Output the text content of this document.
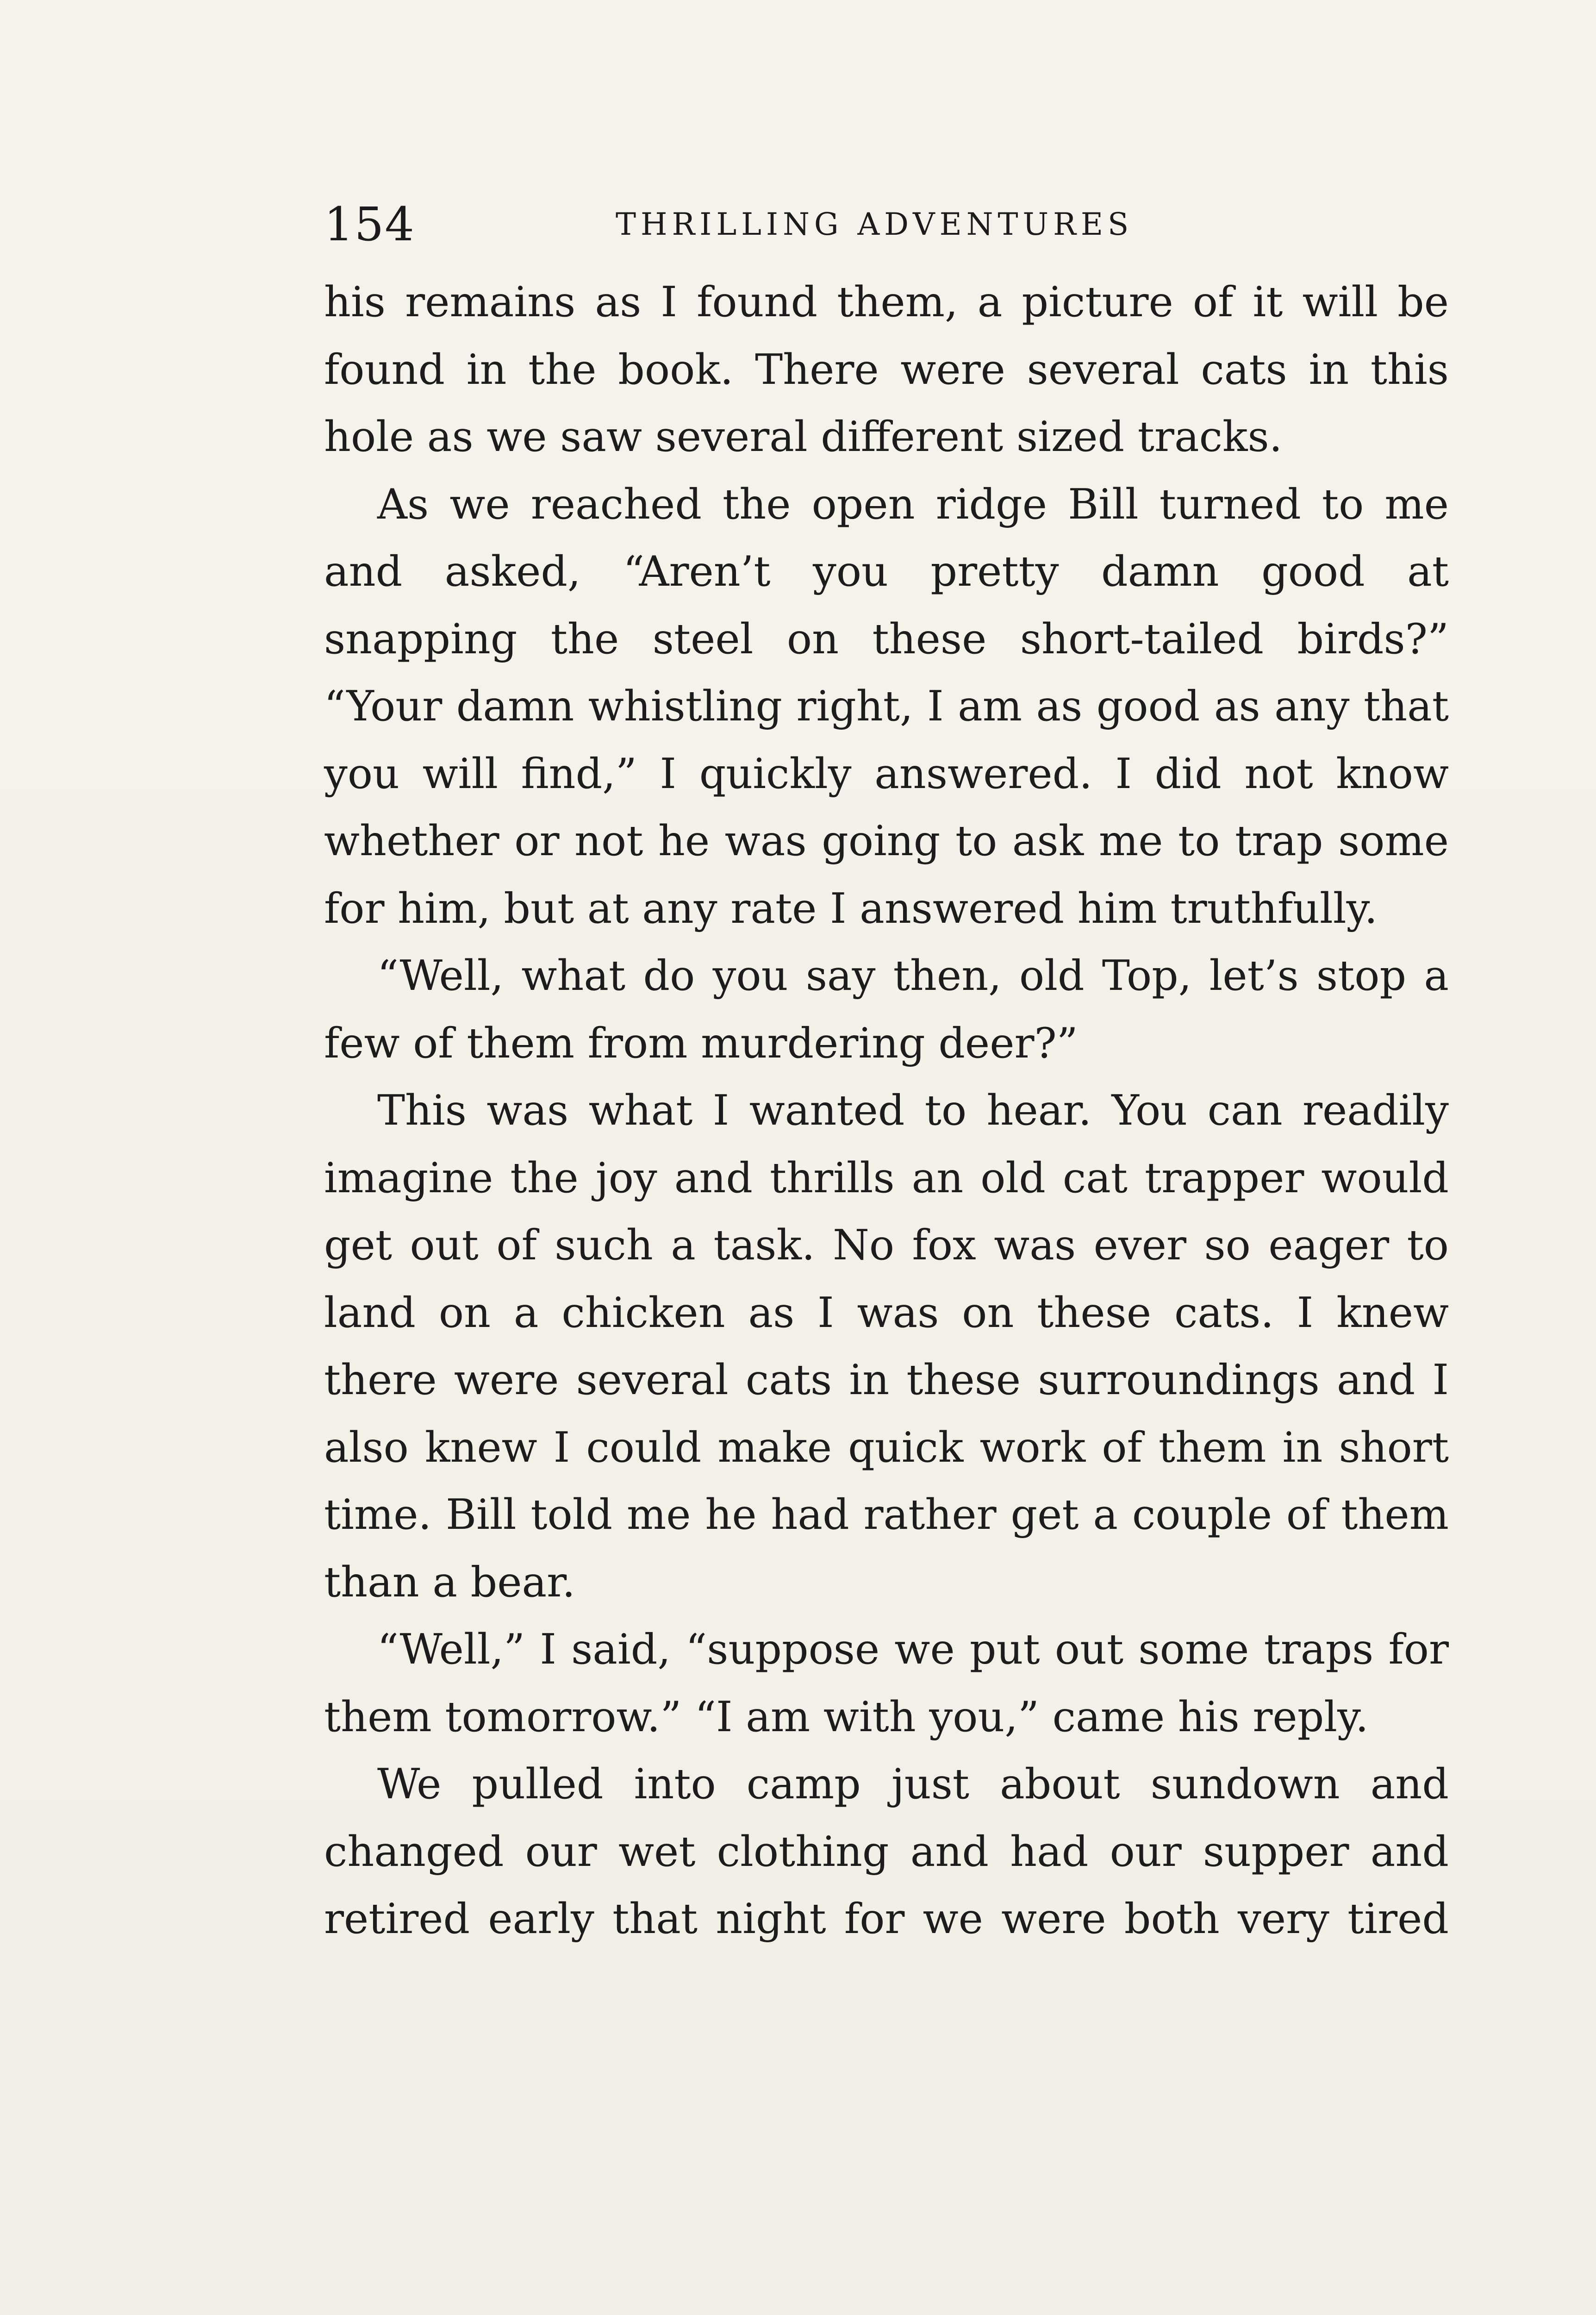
154	THRILLING ADVENTURES

his remains as I found them, a picture of it will be found in the book. There were several cats in this hole as we saw several different sized tracks.

As we reached the open ridge Bill turned to me and asked, “Aren’t you pretty damn good at snapping the steel on these short-tailed birds?” “Your damn whistling right, I am as good as any that you will find,” I quickly answered. I did not know whether or not he was going to ask me to trap some for him, but at any rate I answered him truthfully.

“Well, what do you say then, old Top, let’s stop a few of them from murdering deer?”

This was what I wanted to hear. You can readily imagine the joy and thrills an old cat trapper would get out of such a task. No fox was ever so eager to land on a chicken as I was on these cats. I knew there were several cats in these surroundings and I also knew I could make quick work of them in short time. Bill told me he had rather get a couple of them than a bear.

“Well,” I said, “suppose we put out some traps for them tomorrow.” “I am with you,” came his reply.

We pulled into camp just about sundown and changed our wet clothing and had our supper and retired early that night for we were both very tired
